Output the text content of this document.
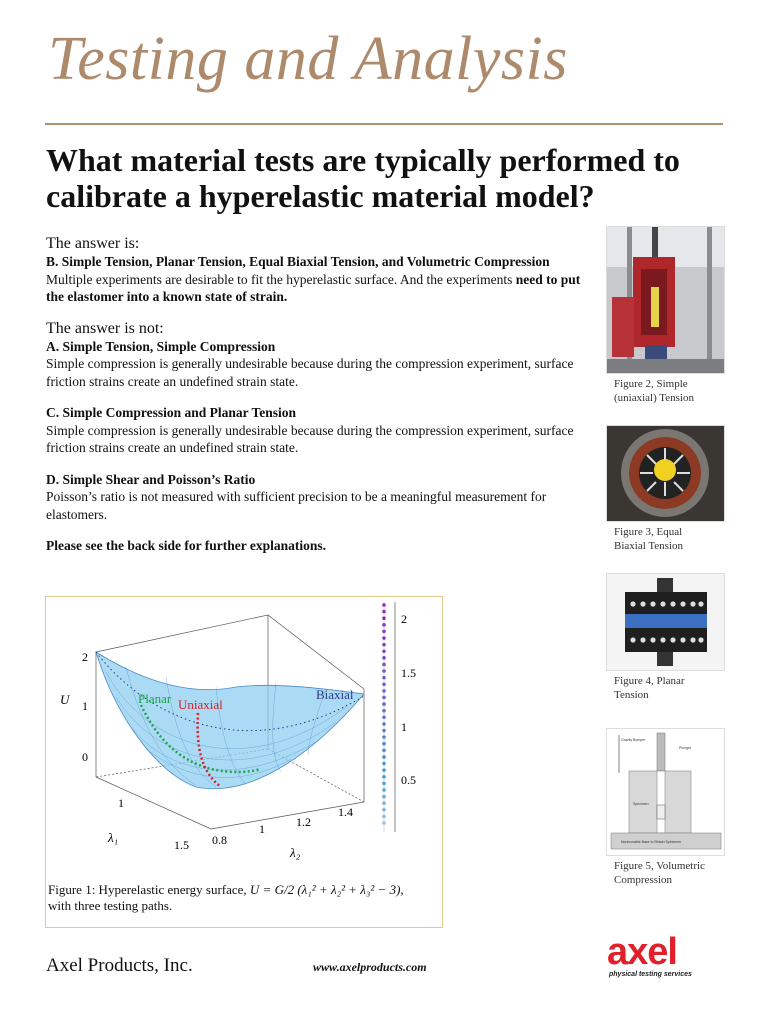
Testing and Analysis
What material tests are typically performed to calibrate a hyperelastic material model?
The answer is:
B. Simple Tension, Planar Tension, Equal Biaxial Tension, and Volumetric Compression
Multiple experiments are desirable to fit the hyperelastic surface. And the experiments need to put the elastomer into a known state of strain.
The answer is not:
A. Simple Tension, Simple Compression
Simple compression is generally undesirable because during the compression experiment, surface friction strains create an undefined strain state.
C. Simple Compression and Planar Tension
Simple compression is generally undesirable because during the compression experiment, surface friction strains create an undefined strain state.
D. Simple Shear and Poisson’s Ratio
Poisson’s ratio is not measured with sufficient precision to be a meaningful measurement for elastomers.
Please see the back side for further explanations.
Planar Uniaxial
Biaxial
U
2
1
0
1
1.5
λ₁	0.8
1	1.2
1.4
λ₂
2
1.5
1
0.5
Figure 1: Hyperelastic energy surface, U = G/2 (λ₁² + λ₂² + λ₃² − 3),
with three testing paths.
Figure 2, Simple
(uniaxial) Tension
Figure 3, Equal
Biaxial Tension
Figure 4, Planar
Tension
Gravity Bumper
Plunger
Specimen
Nonmovable Base to Retain Specimen
Figure 5, Volumetric
Compression
Axel Products, Inc.	www.axelproducts.com	axel
physical testing services
